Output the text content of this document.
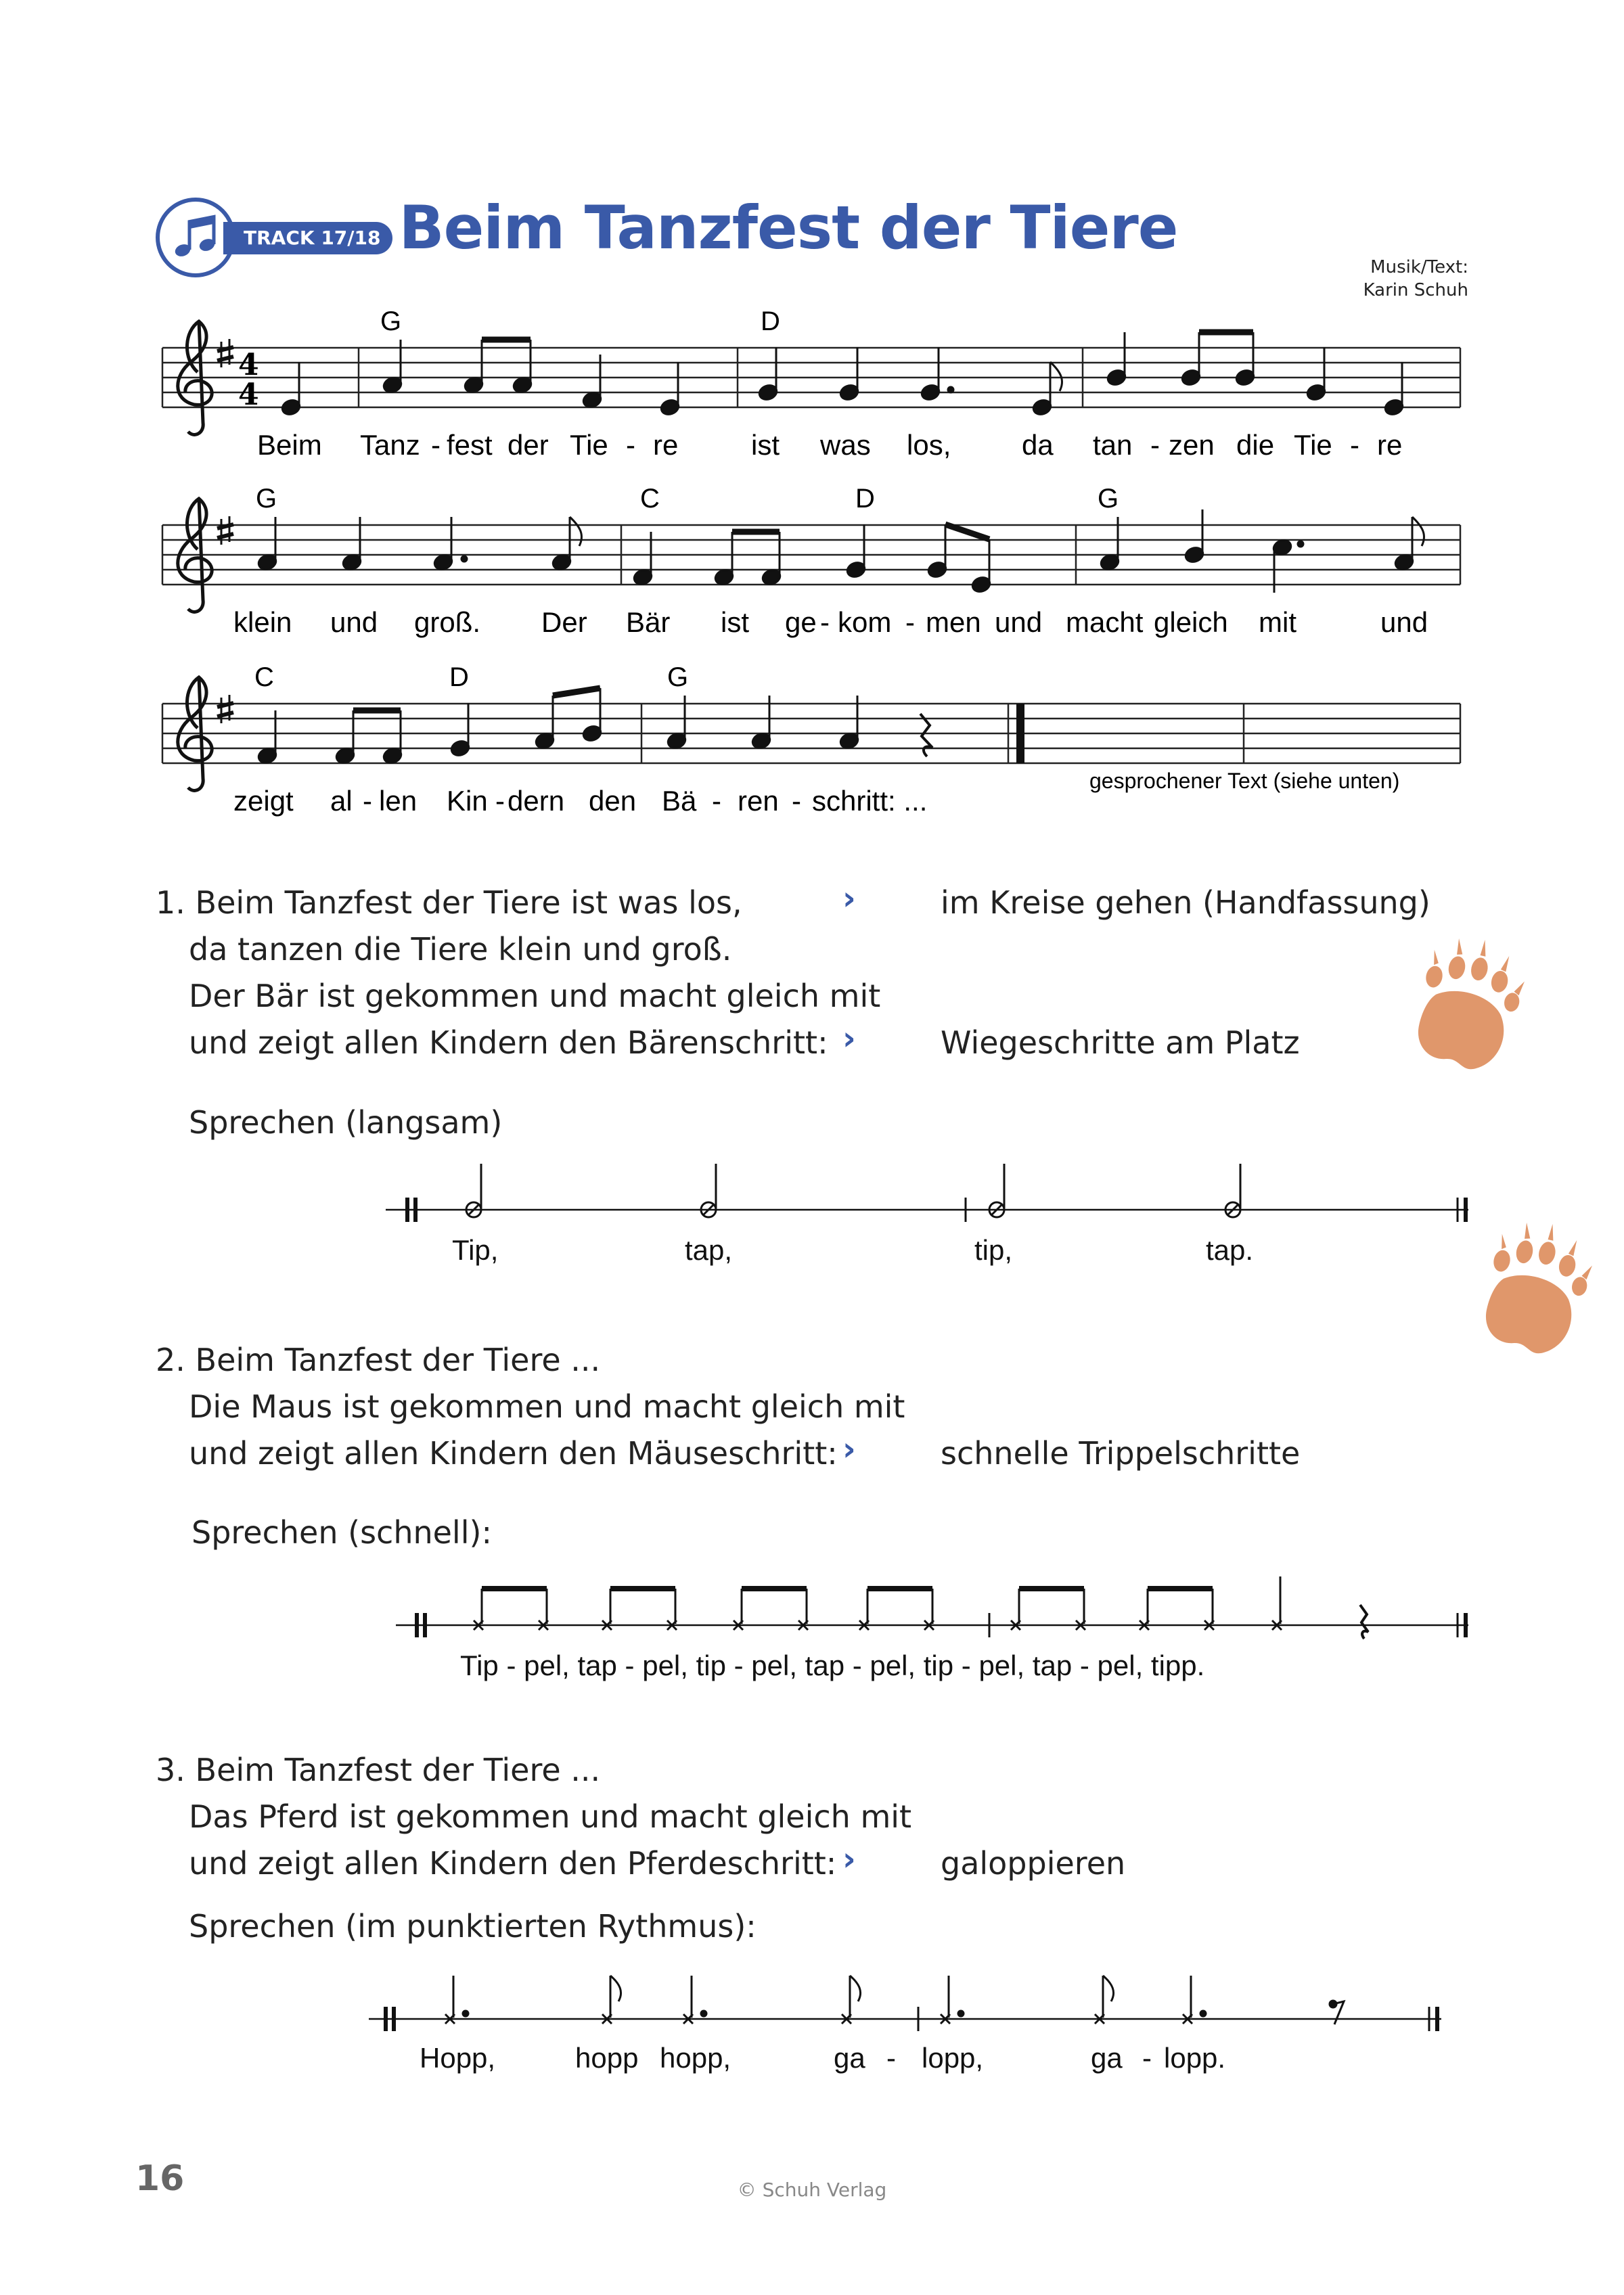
TRACK 17/18 Beim Tanzfest der Tiere
Musik/Text:
Karin Schuh
4
4
G	D
Beim Tanz - fest der Tie - re	ist was los, da tan - zen die Tie - re
G	C	D	G
klein und groß. Der Bär ist ge - kom - men und macht gleich mit	und
C	D	G
zeigt al - len Kin - dern den Bä - ren - schritt: ...
gesprochener Text (siehe unten)
1. Beim Tanzfest der Tiere ist was los,
da tanzen die Tiere klein und groß.
Der Bär ist gekommen und macht gleich mit
und zeigt allen Kindern den Bärenschritt:
›	im Kreise gehen (Handfassung)
›	Wiegeschritte am Platz
Sprechen (langsam)
Tip,	tap,	tip,	tap.
Tip - pel, tap - pel, tip - pel, tap - pel, tip - pel, tap - pel, tipp.
Hopp,	hopp hopp,	ga - lopp,	ga - lopp.
2. Beim Tanzfest der Tiere ...
Die Maus ist gekommen und macht gleich mit
und zeigt allen Kindern den Mäuseschritt: ›	schnelle Trippelschritte
Sprechen (schnell):
3. Beim Tanzfest der Tiere ...
Das Pferd ist gekommen und macht gleich mit
und zeigt allen Kindern den Pferdeschritt: ›	galoppieren
Sprechen (im punktierten Rythmus):
16	© Schuh Verlag
